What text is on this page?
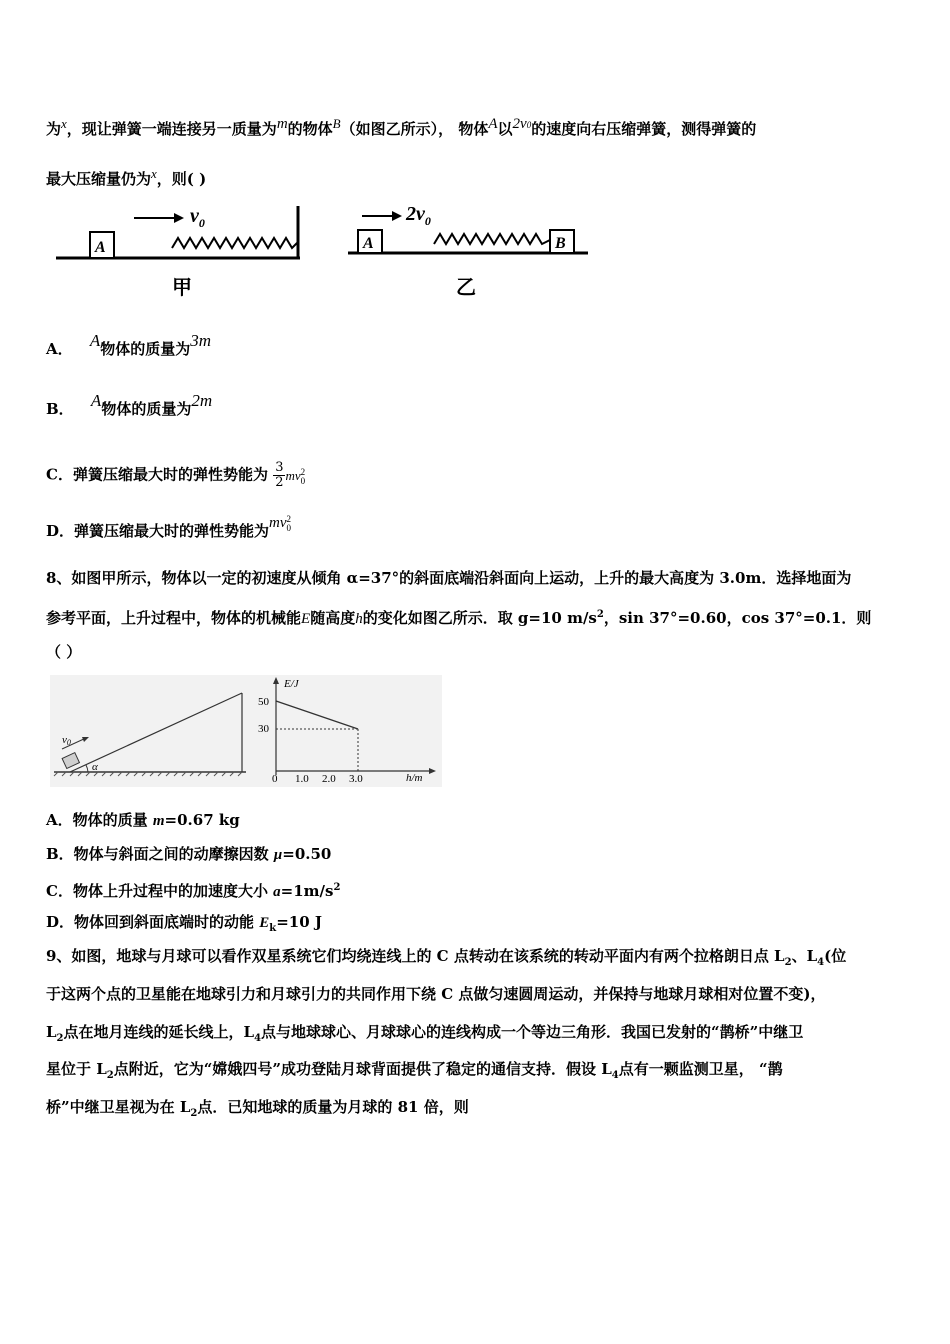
为x，现让弹簧一端连接另一质量为m的物体B（如图乙所示）， 物体A以2v0的速度向右压缩弹簧，测得弹簧的
最大压缩量仍为x，则( )
A
$v_0$
甲
A	B
$2v_0$
乙
A． A物体的质量为3m
B． A物体的质量为2m
C．弹簧压缩最大时的弹性势能为 $\frac{3}{2}$ mv 2
0
D．弹簧压缩最大时的弹性势能为mv 2
0
8、如图甲所示，物体以一定的初速度从倾角 α=37°的斜面底端沿斜面向上运动，上升的最大高度为 3.0m．选择地面为
参考平面，上升过程中，物体的机械能E随高度h的变化如图乙所示．取 g=10 $m/s^2$，sin 37°=0.60，cos 37°=0.1．则
（ ）
v0
α
E/J
h/m
50
30
0 1.0 2.0 3.0
A．物体的质量 m=0.67 kg
B．物体与斜面之间的动摩擦因数 μ=0.50
C．物体上升过程中的加速度大小 $a=1m/s^2$
D．物体回到斜面底端时的动能 $E_k=10$ J
9、如图，地球与月球可以看作双星系统它们均绕连线上的 C 点转动在该系统的转动平面内有两个拉格朗日点 $L_2$、$L_4$(位
于这两个点的卫星能在地球引力和月球引力的共同作用下绕 C 点做匀速圆周运动，并保持与地球月球相对位置不变)，
$L_2$点在地月连线的延长线上，$L_4$点与地球球心、月球球心的连线构成一个等边三角形．我国已发射的“鹊桥”中继卫
星位于 $L_2$点附近，它为“嫦娥四号”成功登陆月球背面提供了稳定的通信支持．假设 $L_4$点有一颗监测卫星， “鹊
桥”中继卫星视为在 $L_2$点．已知地球的质量为月球的 81 倍，则
